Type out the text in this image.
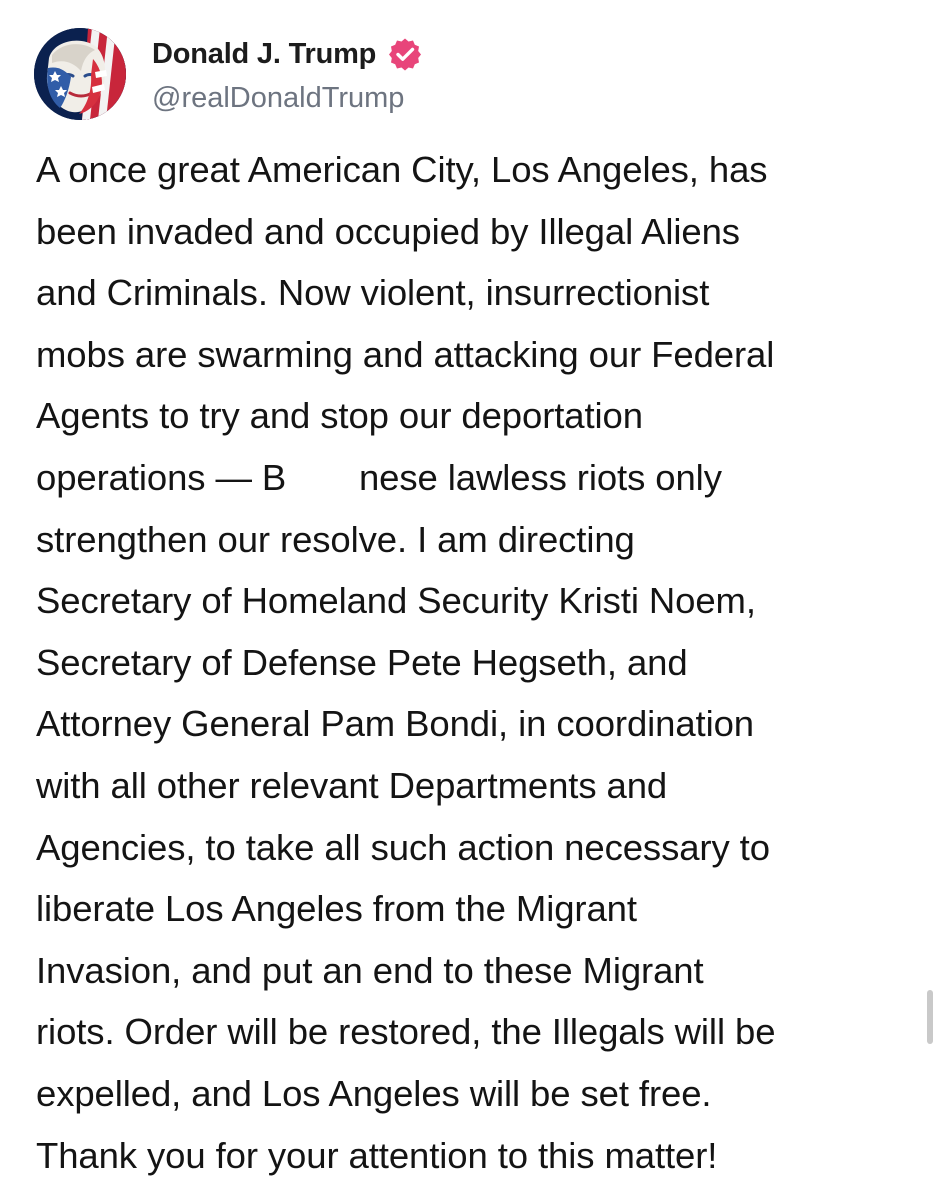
Donald J. Trump
@realDonaldTrump
A once great American City, Los Angeles, has
been invaded and occupied by Illegal Aliens
and Criminals. Now violent, insurrectionist
mobs are swarming and attacking our Federal
Agents to try and stop our deportation
operations — B  nese lawless riots only
strengthen our resolve. I am directing
Secretary of Homeland Security Kristi Noem,
Secretary of Defense Pete Hegseth, and
Attorney General Pam Bondi, in coordination
with all other relevant Departments and
Agencies, to take all such action necessary to
liberate Los Angeles from the Migrant
Invasion, and put an end to these Migrant
riots. Order will be restored, the Illegals will be
expelled, and Los Angeles will be set free.
Thank you for your attention to this matter!
